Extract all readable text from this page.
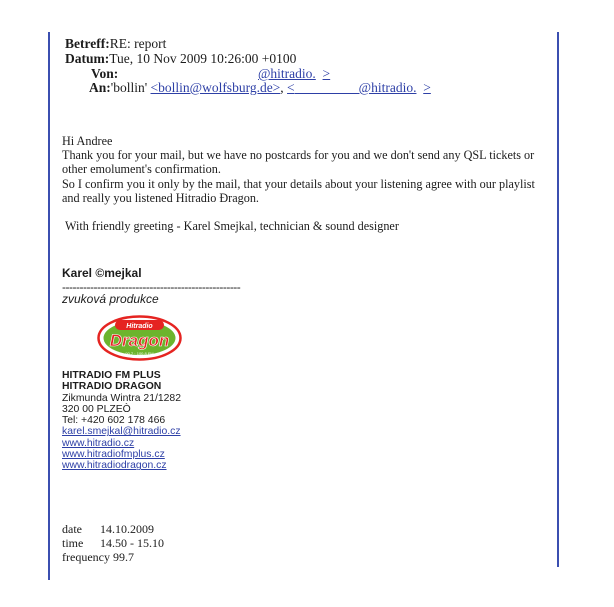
Betreff:RE: report
Datum:Tue, 10 Nov 2009 10:26:00 +0100
Von:	@hitradio. >
An:'bollin' <bollin@wolfsburg.de>, <	@hitradio. >

Hi Andree

Thank you for your mail, but we have no postcards for you and we don't send any QSL tickets or other emolument's confirmation.

So I confirm you it only by the mail, that your details about your listening agree with our playlist and really you listened Hitradio Ðragon.

With friendly greeting - Karel Smejkal, technician & sound designer

Karel ©mejkal
---------------------------------------------------
zvuková produkce
Hitradio
Dragon
90,7 · 100,8 FM
HITRADIO FM PLUS
HITRADIO DRAGON
Zikmunda Wintra 21/1282
320 00 PLZEÒ
Tel: +420 602 178 466
karel.smejkal@hitradio.cz
www.hitradio.cz
www.hitradiofmplus.cz
www.hitradiodragon.cz
date	14.10.2009
time	14.50 - 15.10
frequency 99.7	
